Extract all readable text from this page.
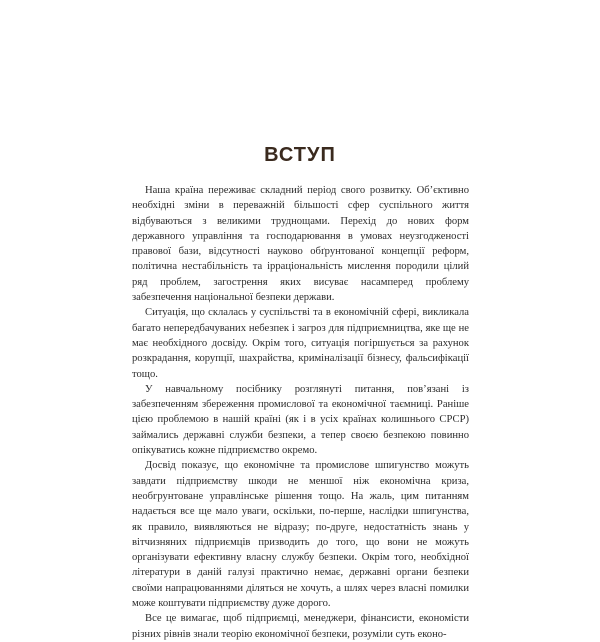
ВСТУП

Наша країна переживає складний період свого розвитку. Об’єктивно необхідні зміни в переважній більшості сфер суспільного життя відбуваються з великими труднощами. Перехід до нових форм державного управління та господарювання в умовах неузгодженості правової бази, відсутності науково обґрунтованої концепції реформ, політична нестабільність та ірраціональність мислення породили цілий ряд проблем, загострення яких висуває насамперед проблему забезпечення національної безпеки держави.

Ситуація, що склалась у суспільстві та в економічній сфері, викликала багато непередбачуваних небезпек і загроз для підприємництва, яке ще не має необхідного досвіду. Окрім того, ситуація погіршується за рахунок розкрадання, корупції, шахрайства, криміналізації бізнесу, фальсифікації тощо.

У навчальному посібнику розглянуті питання, пов’язані із забезпеченням збереження промислової та економічної таємниці. Раніше цією проблемою в нашій країні (як і в усіх країнах колишнього СРСР) займались державні служби безпеки, а тепер своєю безпекою повинно опікуватись кожне підприємство окремо.

Досвід показує, що економічне та промислове шпигунство можуть завдати підприємству шкоди не меншої ніж економічна криза, необгрунтоване управлінське рішення тощо. На жаль, цим питанням надається все ще мало уваги, оскільки, по-перше, наслідки шпигунства, як правило, виявляються не відразу; по-друге, недостатність знань у вітчизняних підприємців призводить до того, що вони не можуть організувати ефективну власну службу безпеки. Окрім того, необхідної літератури в даній галузі практично немає, державні органи безпеки своїми напрацюваннями діляться не хочуть, а шлях через власні помилки може коштувати підприємству дуже дорого.

Все це вимагає, щоб підприємці, менеджери, фінансисти, економісти різних рівнів знали теорію економічної безпеки, розуміли суть еконо-
